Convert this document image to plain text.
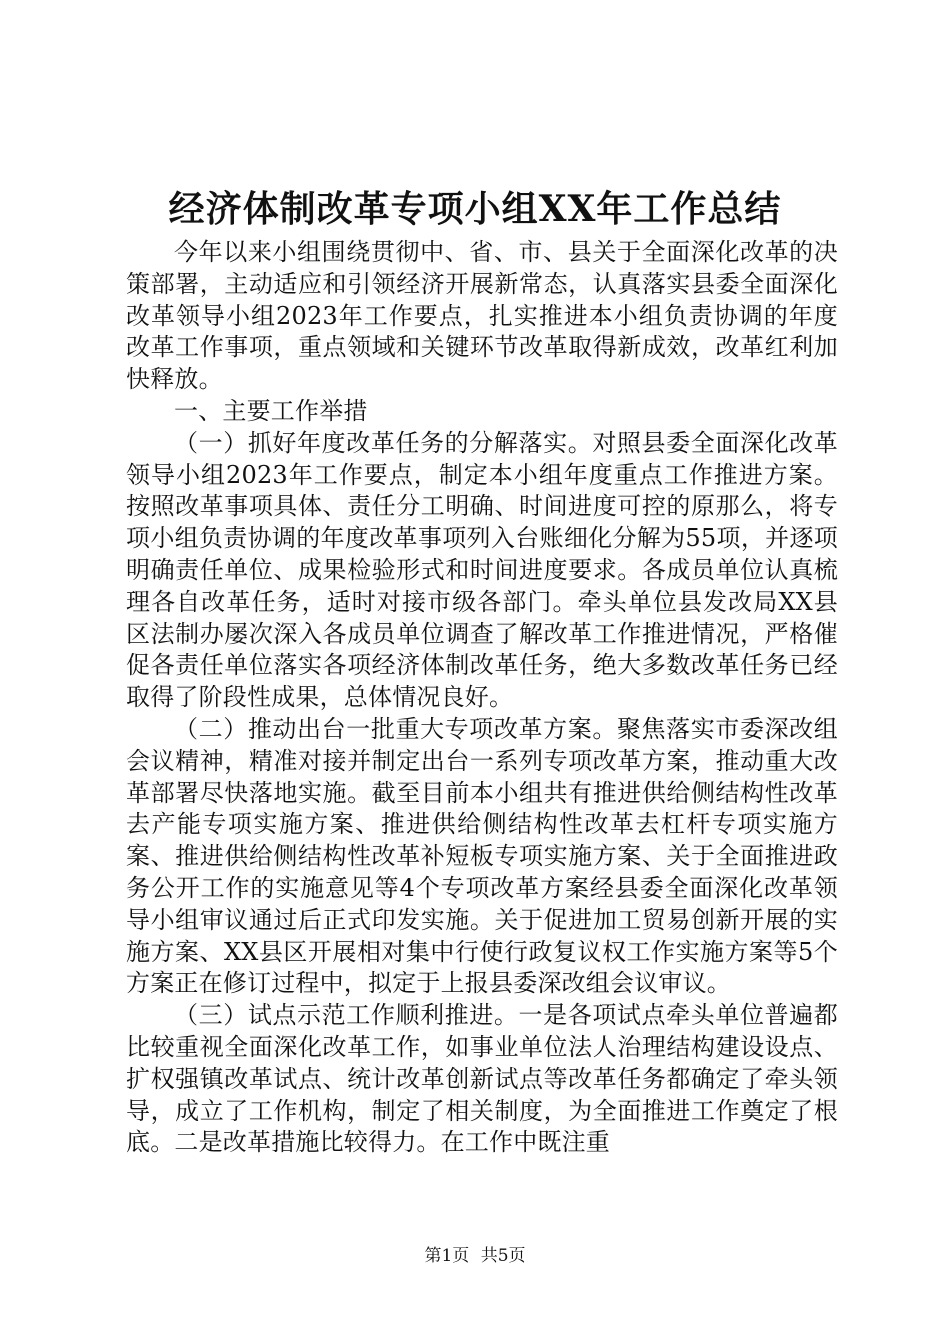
经济体制改革专项小组XX年工作总结

今年以来小组围绕贯彻中、省、市、县关于全面深化改革的决策部署，主动适应和引领经济开展新常态，认真落实县委全面深化改革领导小组2023年工作要点，扎实推进本小组负责协调的年度改革工作事项，重点领域和关键环节改革取得新成效，改革红利加快释放。

一、主要工作举措

（一）抓好年度改革任务的分解落实。对照县委全面深化改革领导小组2023年工作要点，制定本小组年度重点工作推进方案。按照改革事项具体、责任分工明确、时间进度可控的原那么，将专项小组负责协调的年度改革事项列入台账细化分解为55项，并逐项明确责任单位、成果检验形式和时间进度要求。各成员单位认真梳理各自改革任务，适时对接市级各部门。牵头单位县发改局XX县区法制办屡次深入各成员单位调查了解改革工作推进情况，严格催促各责任单位落实各项经济体制改革任务，绝大多数改革任务已经取得了阶段性成果，总体情况良好。

（二）推动出台一批重大专项改革方案。聚焦落实市委深改组会议精神，精准对接并制定出台一系列专项改革方案，推动重大改革部署尽快落地实施。截至目前本小组共有推进供给侧结构性改革去产能专项实施方案、推进供给侧结构性改革去杠杆专项实施方案、推进供给侧结构性改革补短板专项实施方案、关于全面推进政务公开工作的实施意见等4个专项改革方案经县委全面深化改革领导小组审议通过后正式印发实施。关于促进加工贸易创新开展的实施方案、XX县区开展相对集中行使行政复议权工作实施方案等5个方案正在修订过程中，拟定于上报县委深改组会议审议。

（三）试点示范工作顺利推进。一是各项试点牵头单位普遍都比较重视全面深化改革工作，如事业单位法人治理结构建设设点、扩权强镇改革试点、统计改革创新试点等改革任务都确定了牵头领导，成立了工作机构，制定了相关制度，为全面推进工作奠定了根底。二是改革措施比较得力。在工作中既注重

第1页 共5页
